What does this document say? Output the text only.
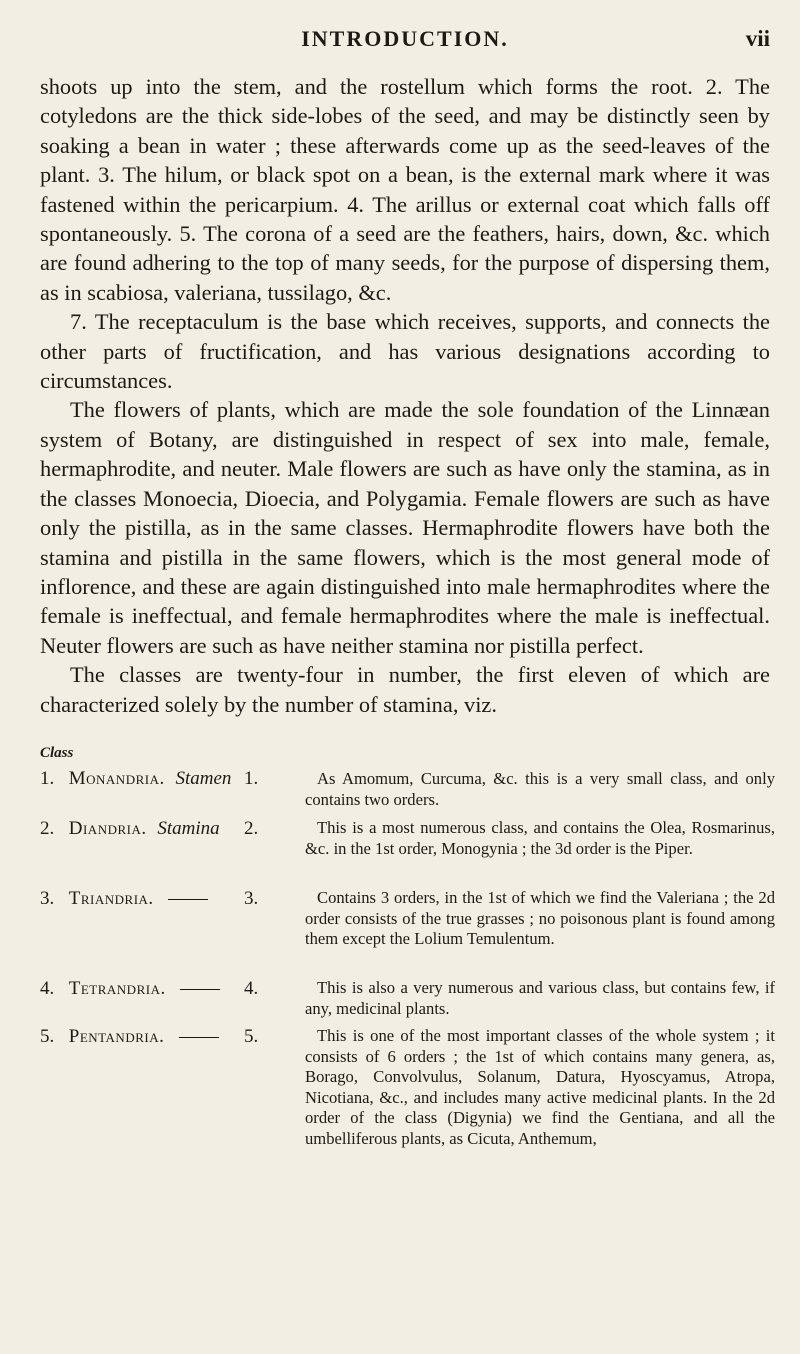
INTRODUCTION.	vii

shoots up into the stem, and the rostellum which forms the root. 2. The cotyledons are the thick side-lobes of the seed, and may be distinctly seen by soaking a bean in water ; these afterwards come up as the seed-leaves of the plant. 3. The hilum, or black spot on a bean, is the external mark where it was fastened within the pericarpium. 4. The arillus or external coat which falls off spontaneously. 5. The corona of a seed are the feathers, hairs, down, &c. which are found adhering to the top of many seeds, for the purpose of dispersing them, as in scabiosa, valeriana, tussilago, &c.

7. The receptaculum is the base which receives, supports, and connects the other parts of fructification, and has various designations according to circumstances.

The flowers of plants, which are made the sole foundation of the Linnæan system of Botany, are distinguished in respect of sex into male, female, hermaphrodite, and neuter. Male flowers are such as have only the stamina, as in the classes Monoecia, Dioecia, and Polygamia. Female flowers are such as have only the pistilla, as in the same classes. Hermaphrodite flowers have both the stamina and pistilla in the same flowers, which is the most general mode of inflorence, and these are again distinguished into male hermaphrodites where the female is ineffectual, and female hermaphrodites where the male is ineffectual. Neuter flowers are such as have neither stamina nor pistilla perfect.

The classes are twenty-four in number, the first eleven of which are characterized solely by the number of stamina, viz.

Class
1. Monandria. Stamen 1.	As Amomum, Curcuma, &c. this is a very small class, and only contains two orders.
2. Diandria. Stamina 2.	This is a most numerous class, and contains the Olea, Rosmarinus, &c. in the 1st order, Monogynia ; the 3d order is the Piper.
3. Triandria.	3.	Contains 3 orders, in the 1st of which we find the Valeriana ; the 2d order consists of the true grasses ; no poisonous plant is found among them except the Lolium Temulentum.
4. Tetrandria.	4.	This is also a very numerous and various class, but contains few, if any, medicinal plants.
5. Pentandria.	5.	This is one of the most important classes of the whole system ; it consists of 6 orders ; the 1st of which contains many genera, as, Borago, Convolvulus, Solanum, Datura, Hyoscyamus, Atropa, Nicotiana, &c., and includes many active medicinal plants. In the 2d order of the class (Digynia) we find the Gentiana, and all the umbelliferous plants, as Cicuta, Anthemum,
